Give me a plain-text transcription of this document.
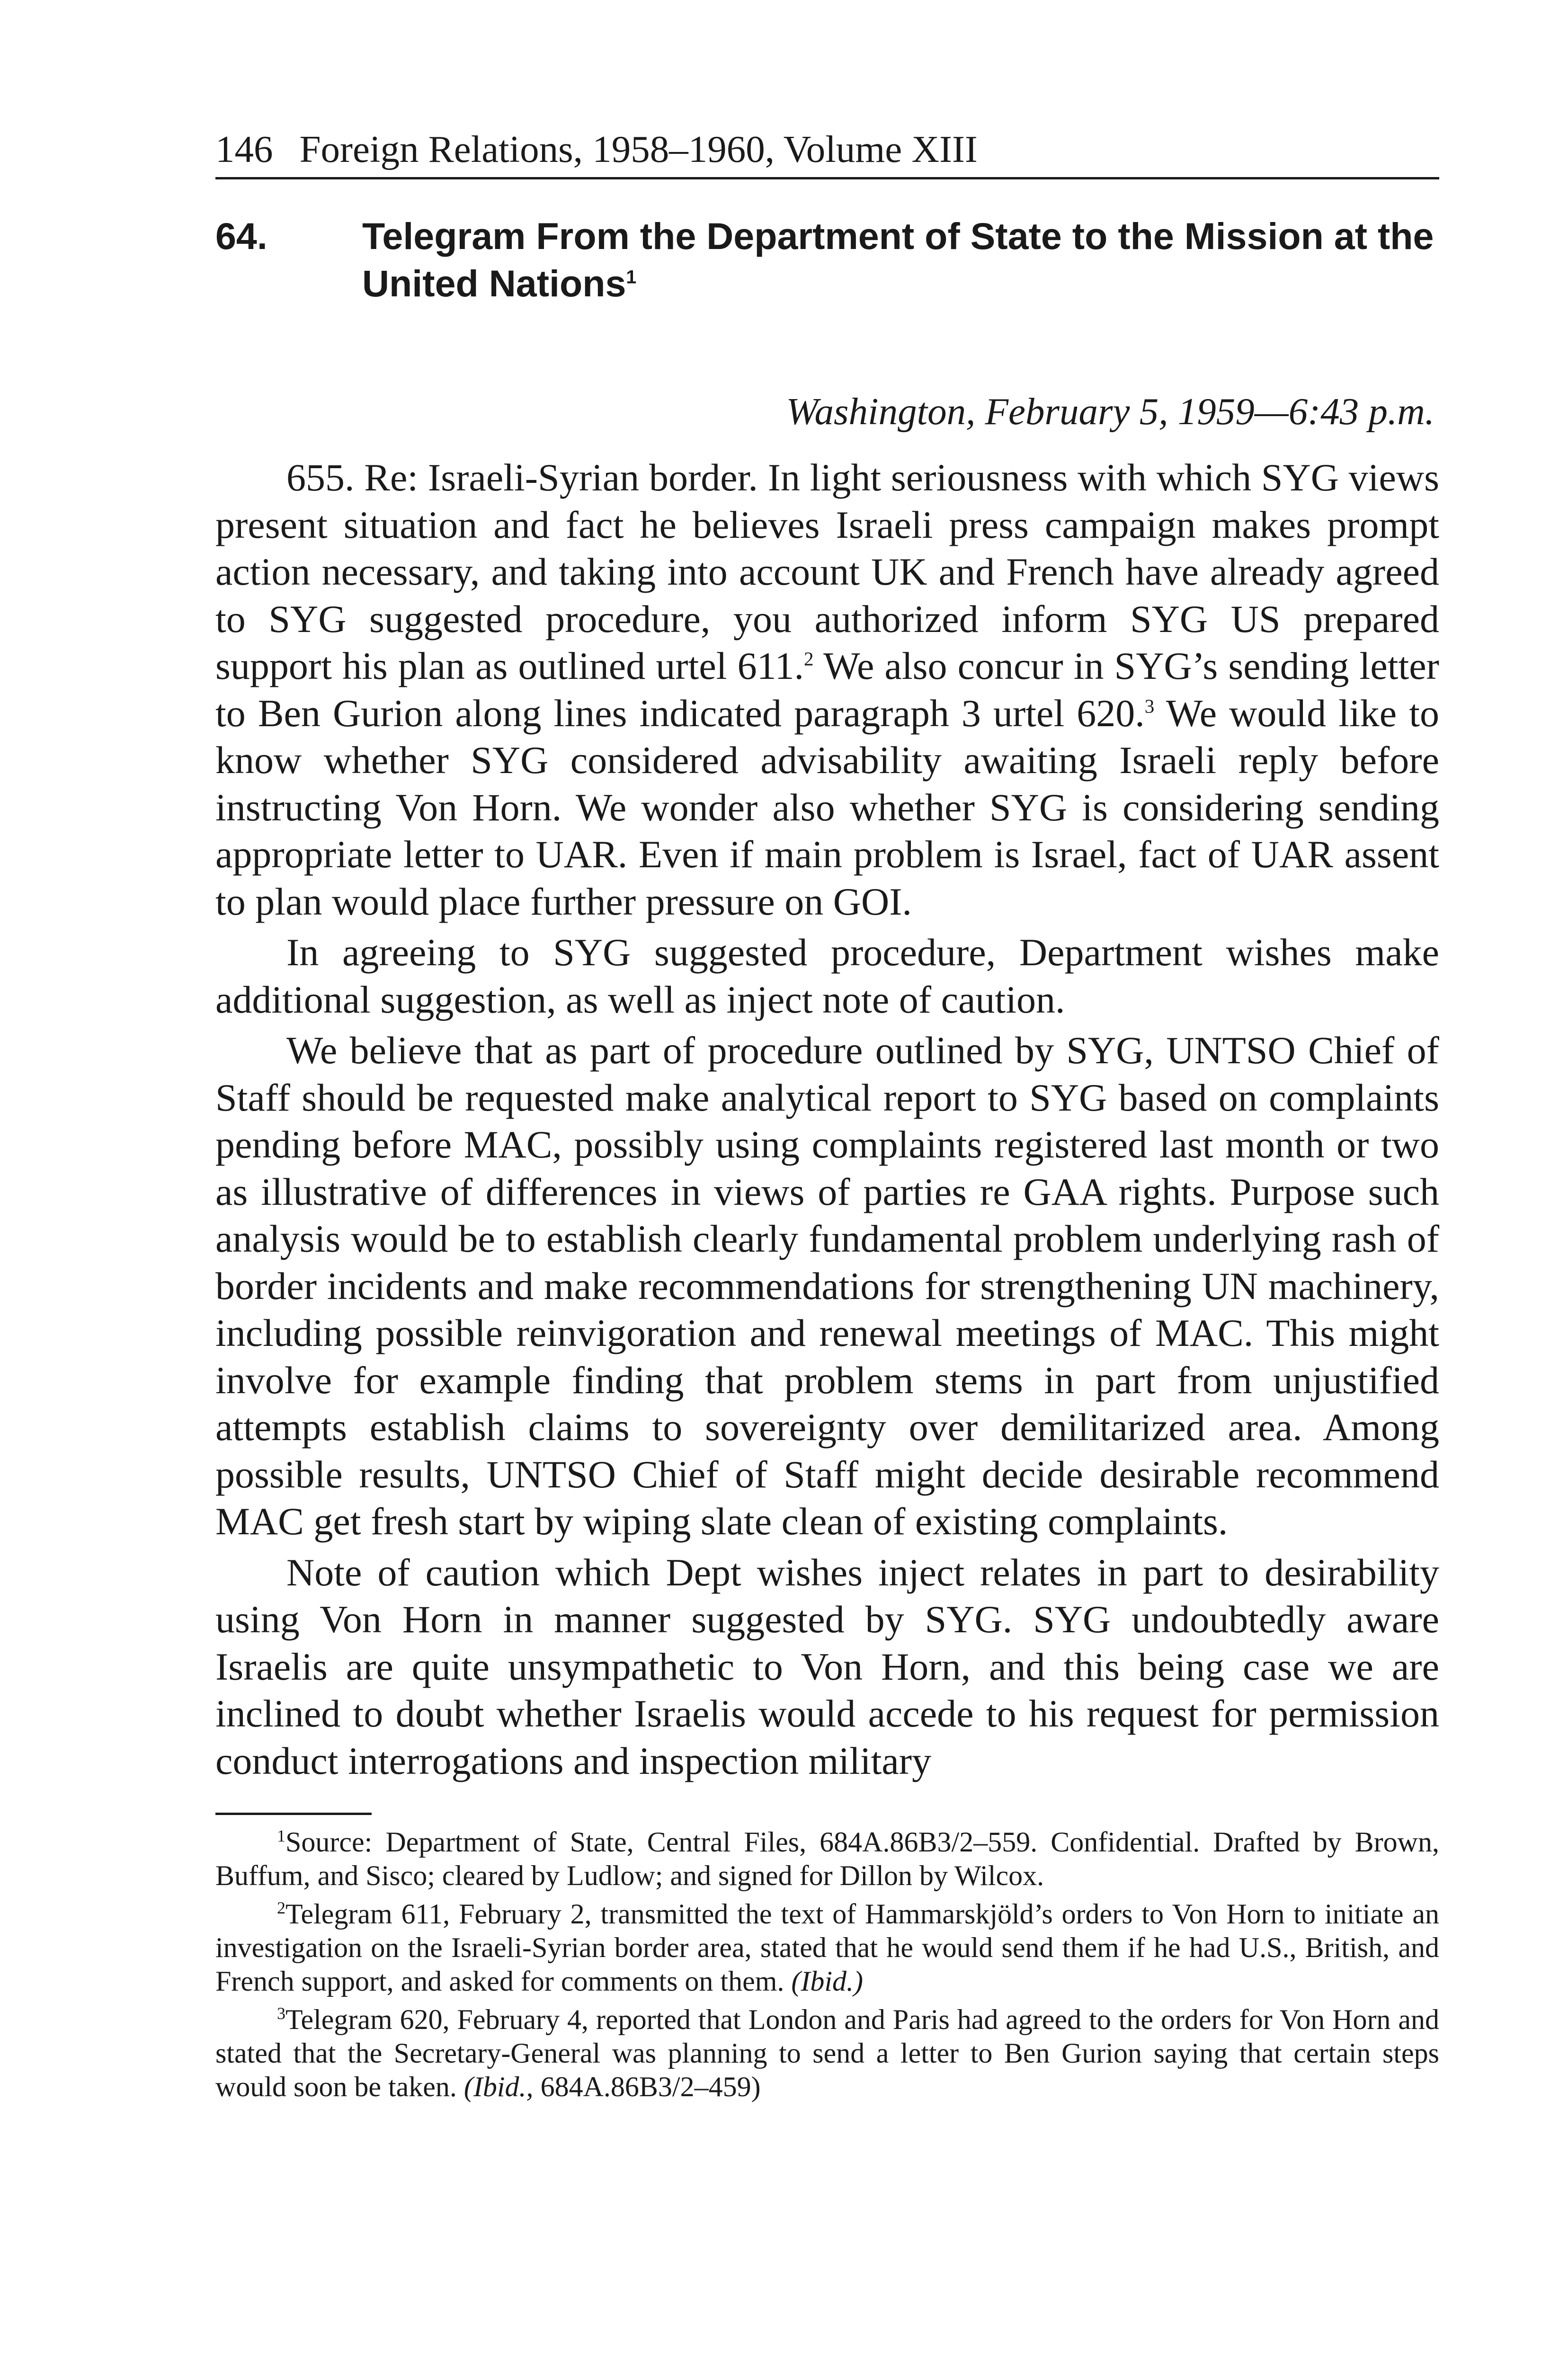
146 Foreign Relations, 1958–1960, Volume XIII
64.	Telegram From the Department of State to the Mission at the United Nations$^1$
Washington, February 5, 1959—6:43 p.m.

655. Re: Israeli-Syrian border. In light seriousness with which SYG views present situation and fact he believes Israeli press campaign makes prompt action necessary, and taking into account UK and French have already agreed to SYG suggested procedure, you authorized inform SYG US prepared support his plan as outlined urtel 611.$^2$ We also concur in SYG’s sending letter to Ben Gurion along lines indicated paragraph 3 urtel 620.$^3$ We would like to know whether SYG considered advisability awaiting Israeli reply before instructing Von Horn. We wonder also whether SYG is considering sending appropriate letter to UAR. Even if main problem is Israel, fact of UAR assent to plan would place further pressure on GOI.

In agreeing to SYG suggested procedure, Department wishes make additional suggestion, as well as inject note of caution.

We believe that as part of procedure outlined by SYG, UNTSO Chief of Staff should be requested make analytical report to SYG based on complaints pending before MAC, possibly using complaints registered last month or two as illustrative of differences in views of parties re GAA rights. Purpose such analysis would be to establish clearly fundamental problem underlying rash of border incidents and make recommendations for strengthening UN machinery, including possible reinvigoration and renewal meetings of MAC. This might involve for example finding that problem stems in part from unjustified attempts establish claims to sovereignty over demilitarized area. Among possible results, UNTSO Chief of Staff might decide desirable recommend MAC get fresh start by wiping slate clean of existing complaints.

Note of caution which Dept wishes inject relates in part to desirability using Von Horn in manner suggested by SYG. SYG undoubtedly aware Israelis are quite unsympathetic to Von Horn, and this being case we are inclined to doubt whether Israelis would accede to his request for permission conduct interrogations and inspection military

$^1$Source: Department of State, Central Files, 684A.86B3/2–559. Confidential. Drafted by Brown, Buffum, and Sisco; cleared by Ludlow; and signed for Dillon by Wilcox.

$^2$Telegram 611, February 2, transmitted the text of Hammarskjöld’s orders to Von Horn to initiate an investigation on the Israeli-Syrian border area, stated that he would send them if he had U.S., British, and French support, and asked for comments on them. (Ibid.)

$^3$Telegram 620, February 4, reported that London and Paris had agreed to the orders for Von Horn and stated that the Secretary-General was planning to send a letter to Ben Gurion saying that certain steps would soon be taken. (Ibid., 684A.86B3/2–459)
